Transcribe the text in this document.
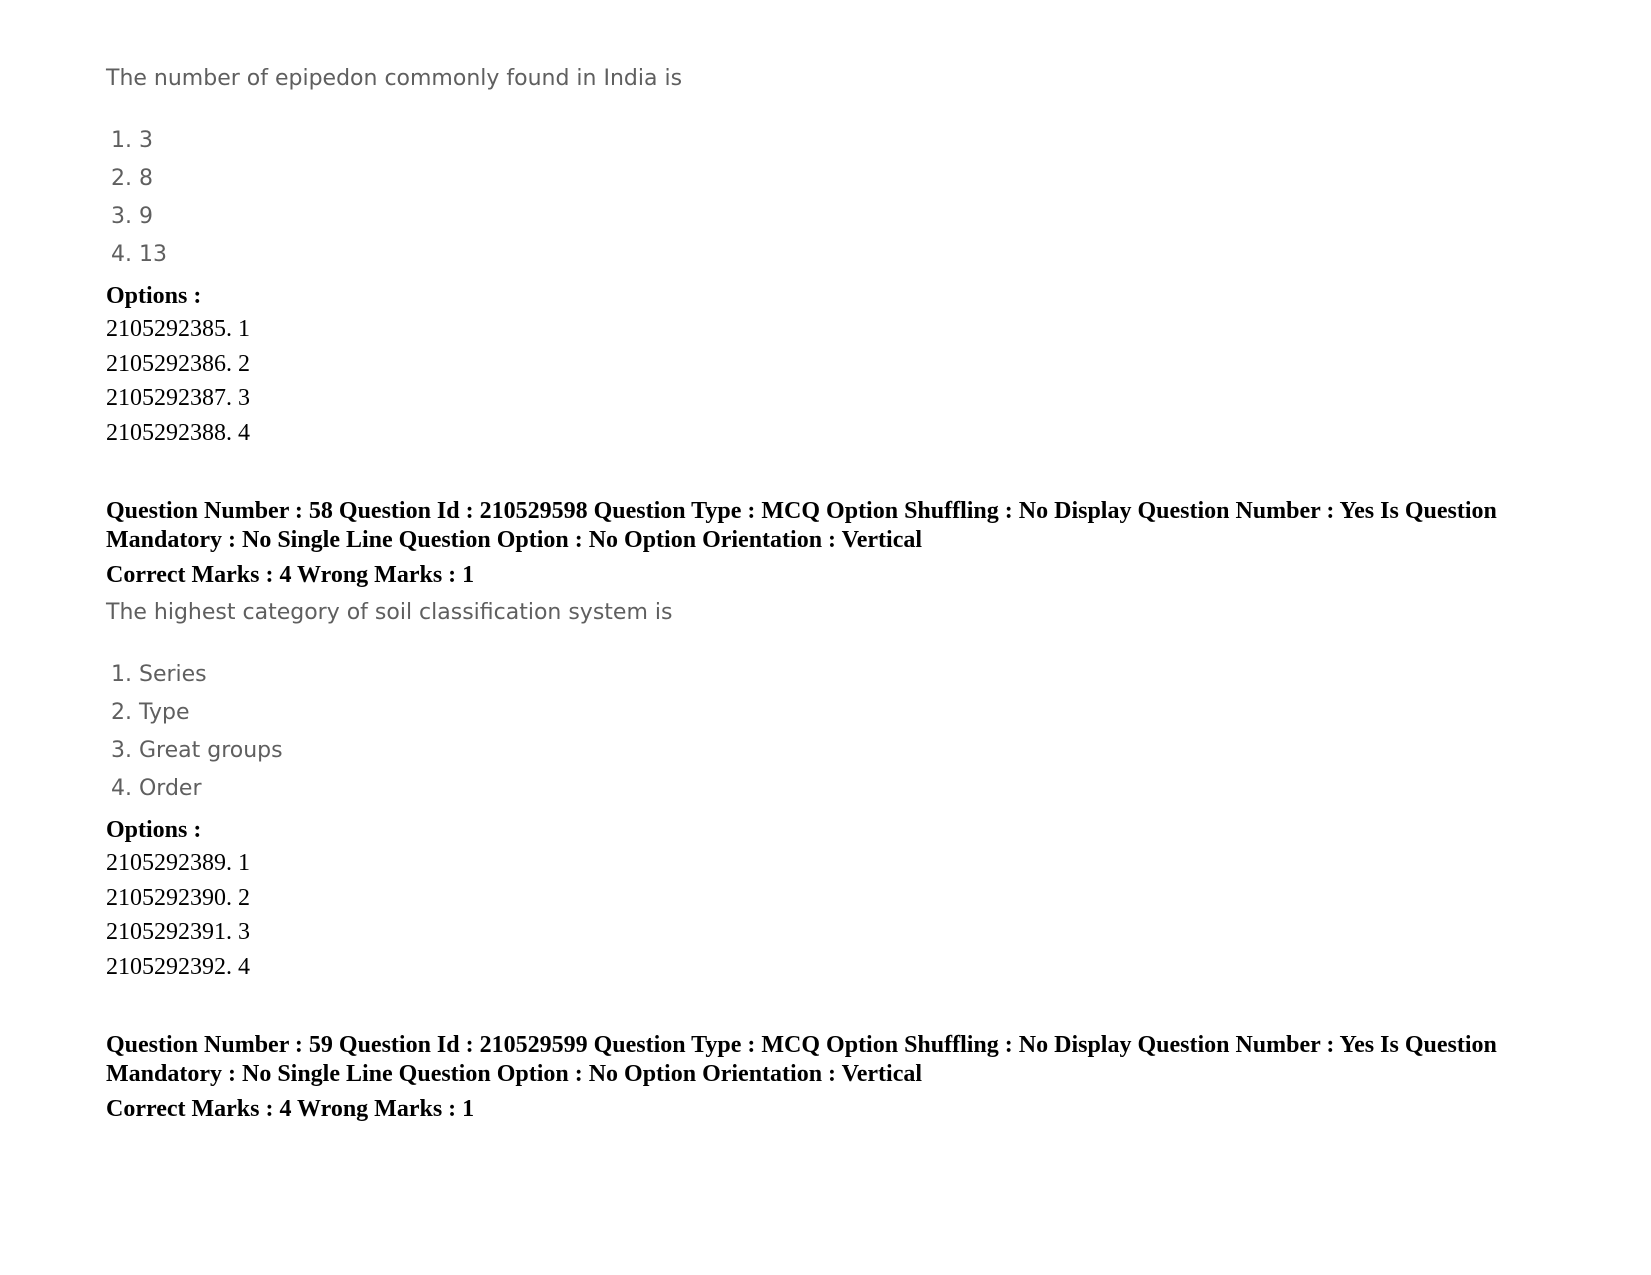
The number of epipedon commonly found in India is
1. 3
2. 8
3. 9
4. 13
Options :
2105292385. 1
2105292386. 2
2105292387. 3
2105292388. 4
Question Number : 58 Question Id : 210529598 Question Type : MCQ Option Shuffling : No Display Question Number : Yes Is Question
Mandatory : No Single Line Question Option : No Option Orientation : Vertical
Correct Marks : 4 Wrong Marks : 1
The highest category of soil classification system is
1. Series
2. Type
3. Great groups
4. Order
Options :
2105292389. 1
2105292390. 2
2105292391. 3
2105292392. 4
Question Number : 59 Question Id : 210529599 Question Type : MCQ Option Shuffling : No Display Question Number : Yes Is Question
Mandatory : No Single Line Question Option : No Option Orientation : Vertical
Correct Marks : 4 Wrong Marks : 1
